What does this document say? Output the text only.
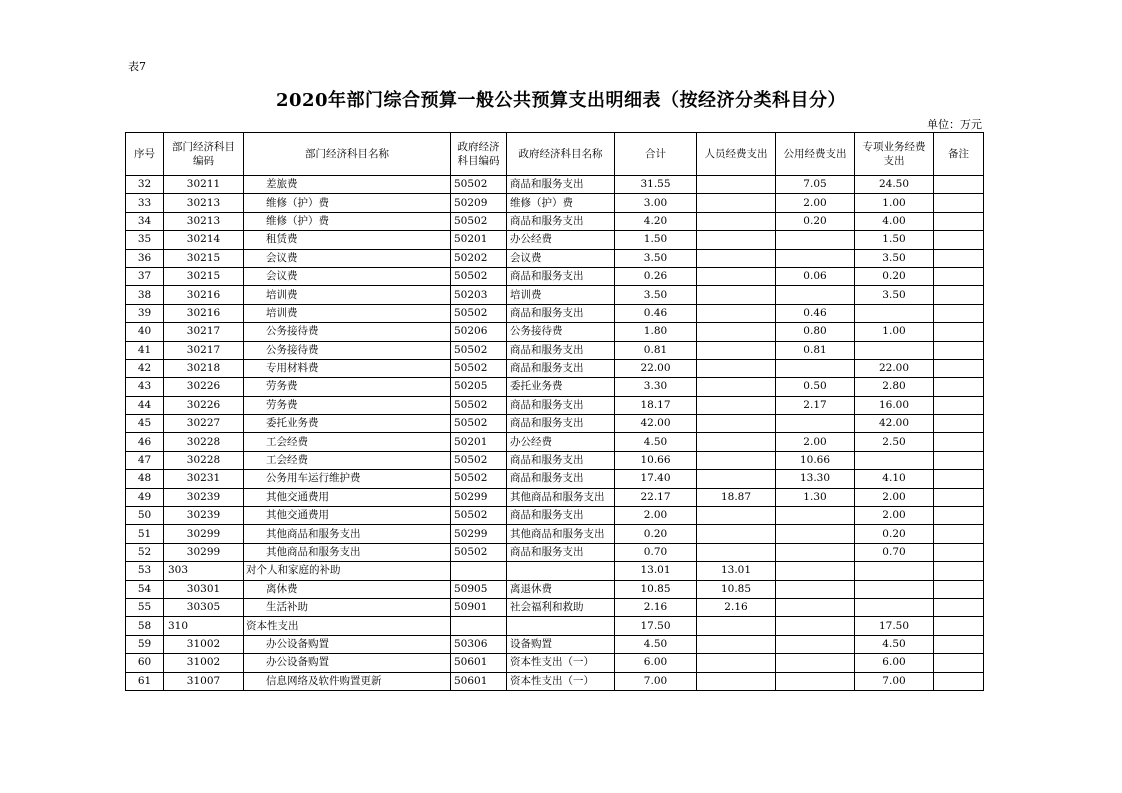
表7
2020年部门综合预算一般公共预算支出明细表（按经济分类科目分）
单位：万元
序号	部门经济科目编码	部门经济科目名称	政府经济科目编码	政府经济科目名称	合计	人员经费支出	公用经费支出	专项业务经费支出	备注
32	30211	差旅费	50502	商品和服务支出	31.55		7.05	24.50	
33	30213	维修（护）费	50209	维修（护）费	3.00		2.00	1.00	
34	30213	维修（护）费	50502	商品和服务支出	4.20		0.20	4.00	
35	30214	租赁费	50201	办公经费	1.50			1.50	
36	30215	会议费	50202	会议费	3.50			3.50	
37	30215	会议费	50502	商品和服务支出	0.26		0.06	0.20	
38	30216	培训费	50203	培训费	3.50			3.50	
39	30216	培训费	50502	商品和服务支出	0.46		0.46		
40	30217	公务接待费	50206	公务接待费	1.80		0.80	1.00	
41	30217	公务接待费	50502	商品和服务支出	0.81		0.81		
42	30218	专用材料费	50502	商品和服务支出	22.00			22.00	
43	30226	劳务费	50205	委托业务费	3.30		0.50	2.80	
44	30226	劳务费	50502	商品和服务支出	18.17		2.17	16.00	
45	30227	委托业务费	50502	商品和服务支出	42.00			42.00	
46	30228	工会经费	50201	办公经费	4.50		2.00	2.50	
47	30228	工会经费	50502	商品和服务支出	10.66		10.66		
48	30231	公务用车运行维护费	50502	商品和服务支出	17.40		13.30	4.10	
49	30239	其他交通费用	50299	其他商品和服务支出	22.17	18.87	1.30	2.00	
50	30239	其他交通费用	50502	商品和服务支出	2.00			2.00	
51	30299	其他商品和服务支出	50299	其他商品和服务支出	0.20			0.20	
52	30299	其他商品和服务支出	50502	商品和服务支出	0.70			0.70	
53	303	对个人和家庭的补助			13.01	13.01			
54	30301	离休费	50905	离退休费	10.85	10.85			
55	30305	生活补助	50901	社会福利和救助	2.16	2.16			
58	310	资本性支出			17.50			17.50	
59	31002	办公设备购置	50306	设备购置	4.50			4.50	
60	31002	办公设备购置	50601	资本性支出（一）	6.00			6.00	
61	31007	信息网络及软件购置更新	50601	资本性支出（一）	7.00			7.00	
